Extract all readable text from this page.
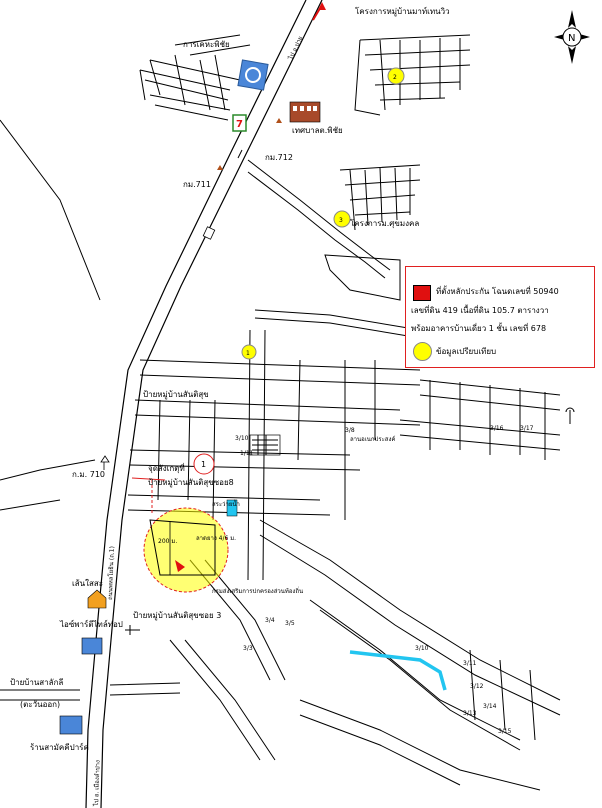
7
2
3
1
1
การเคหะพิชัย
โครงการหมู่บ้านมาท์เทนวิว
เทศบาลต.พิชัย
กม.712
กม.711
โครงการม.ศุขมงคล
ไป อ.ปาย
ป้ายหมู่บ้านสันติสุข
จุดสังเกตุที่
ป้ายหมู่บ้านสันติสุขซอย8
ป้ายหมู่บ้านสันติสุขซอย 3
200 ม.	ลาดยาง 4/6 ม.
สระว่ายน้ำ
กรมส่งเสริมการปกครองส่วนท้องถิ่น
ลานอเนกประสงค์
ก.ม. 710
เส้นใสสะ
ไอซ์พาร์ตีไทล์ท่อป
ป้ายบ้านสาลักลี
(ตะวันออก)
ร้านสามัคคีปาร์ค
ถนนพหลโยธิน (ถ.1)
ไป อ. เมืองลำปาง
3/5
3/4
3/3	3/10
3/11
3/12
3/13
3/14
3/15
3/16	3/17
3/8
3/10
1/11
N
ที่ตั้งหลักประกัน โฉนดเลขที่ 50940
เลขที่ดิน 419 เนื้อที่ดิน 105.7 ตารางวา
พร้อมอาคารบ้านเดี่ยว 1 ชั้น เลขที่ 678
ข้อมูลเปรียบเทียบ
